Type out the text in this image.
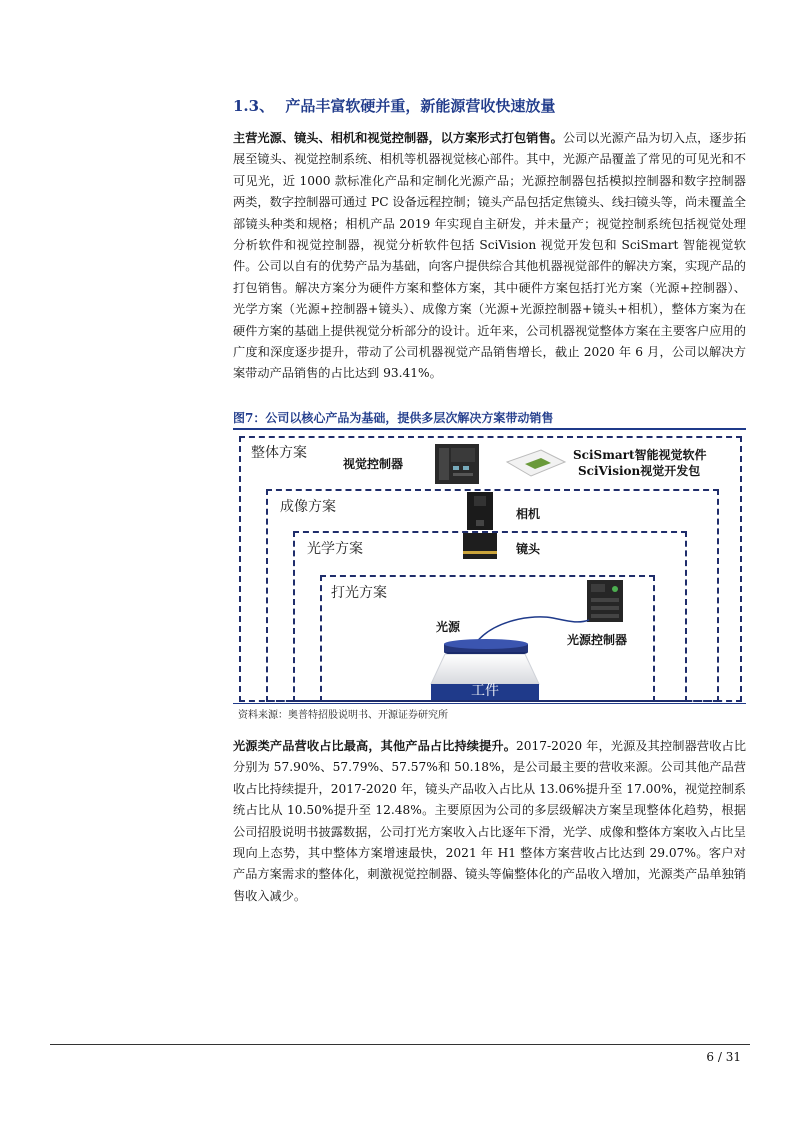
1.3、 产品丰富软硬并重，新能源营收快速放量
主营光源、镜头、相机和视觉控制器，以方案形式打包销售。公司以光源产品为切入点，逐步拓展至镜头、视觉控制系统、相机等机器视觉核心部件。其中，光源产品覆盖了常见的可见光和不可见光，近 1000 款标准化产品和定制化光源产品；光源控制器包括模拟控制器和数字控制器两类，数字控制器可通过 PC 设备远程控制；镜头产品包括定焦镜头、线扫镜头等，尚未覆盖全部镜头种类和规格；相机产品 2019 年实现自主研发，并未量产；视觉控制系统包括视觉处理分析软件和视觉控制器，视觉分析软件包括 SciVision 视觉开发包和 SciSmart 智能视觉软件。公司以自有的优势产品为基础，向客户提供综合其他机器视觉部件的解决方案，实现产品的打包销售。解决方案分为硬件方案和整体方案，其中硬件方案包括打光方案（光源+控制器）、光学方案（光源+控制器+镜头）、成像方案（光源+光源控制器+镜头+相机），整体方案为在硬件方案的基础上提供视觉分析部分的设计。近年来，公司机器视觉整体方案在主要客户应用的广度和深度逐步提升，带动了公司机器视觉产品销售增长，截止 2020 年 6 月，公司以解决方案带动产品销售的占比达到 93.41%。
图7：公司以核心产品为基础，提供多层次解决方案带动销售
整体方案
视觉控制器
SciSmart智能视觉软件
SciVision视觉开发包
成像方案	相机
光学方案	镜头
打光方案
光源控制器
光源
工件
资料来源：奥普特招股说明书、开源证券研究所
光源类产品营收占比最高，其他产品占比持续提升。2017-2020 年，光源及其控制器营收占比分别为 57.90%、57.79%、57.57%和 50.18%，是公司最主要的营收来源。公司其他产品营收占比持续提升，2017-2020 年，镜头产品收入占比从 13.06%提升至 17.00%，视觉控制系统占比从 10.50%提升至 12.48%。主要原因为公司的多层级解决方案呈现整体化趋势，根据公司招股说明书披露数据，公司打光方案收入占比逐年下滑，光学、成像和整体方案收入占比呈现向上态势，其中整体方案增速最快，2021 年 H1 整体方案营收占比达到 29.07%。客户对产品方案需求的整体化，刺激视觉控制器、镜头等偏整体化的产品收入增加，光源类产品单独销售收入减少。
6 / 31
